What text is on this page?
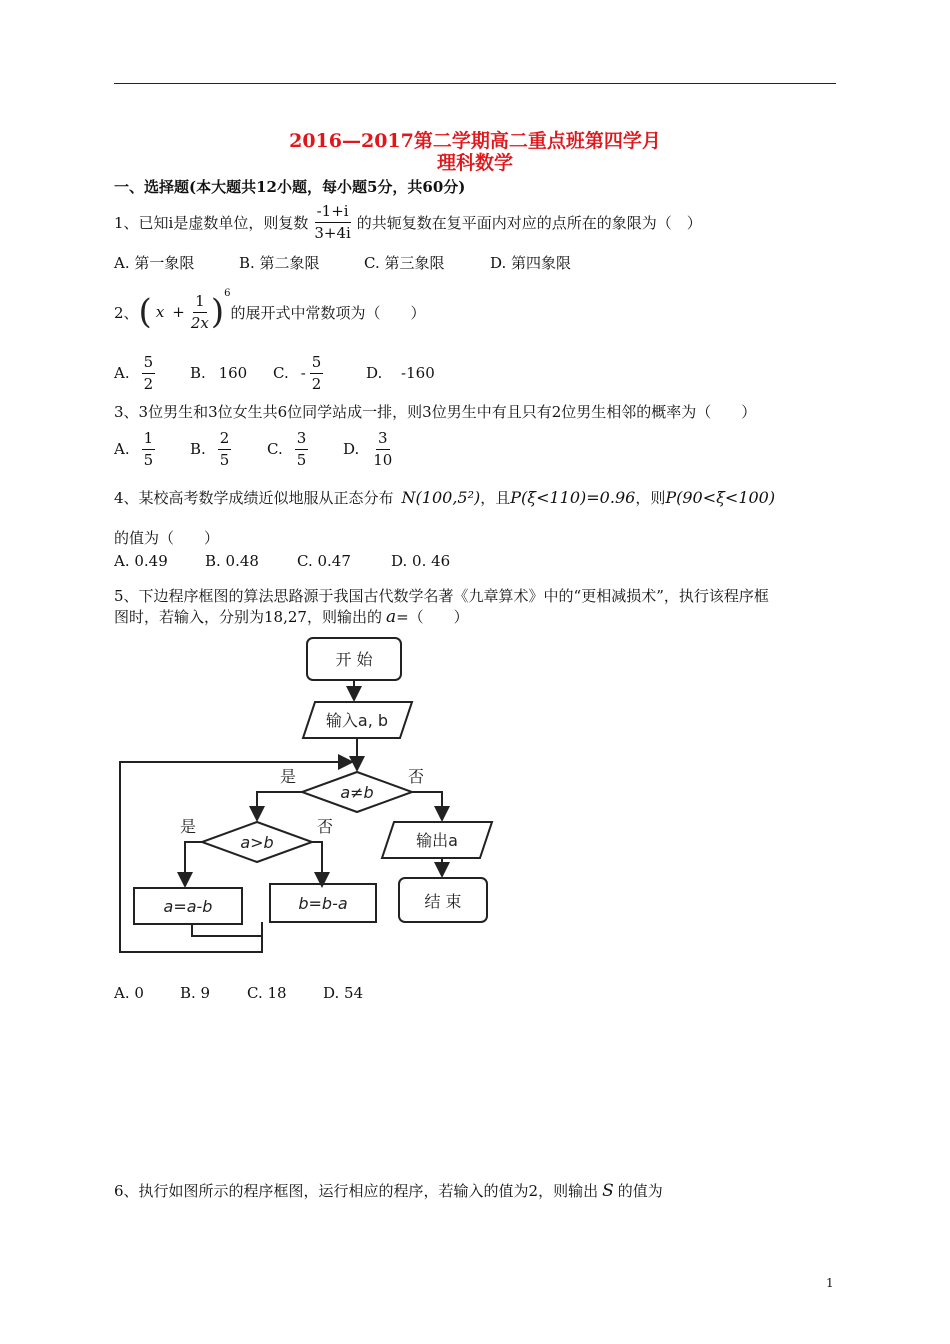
2016—2017第二学期高二重点班第四学月
理科数学
一、选择题(本大题共12小题，每小题5分，共60分)
1、已知i是虚数单位，则复数 $\frac{-1+i}{3+4i}$ 的共轭复数在复平面内对应的点所在的象限为（　）
A. 第一象限	B. 第二象限	C. 第三象限	D. 第四象限
2、 ( $x + \frac{1}{2x}$ ) 6
的展开式中常数项为（　　）
A. $\frac{5}{2} B$. 160 C. - $\frac{5}{2}$	D. -160
3、3位男生和3位女生共6位同学站成一排，则3位男生中有且只有2位男生相邻的概率为（　　）
A. $\frac{1}{5} B$. $\frac{2}{5} C$. $\frac{3}{5} D$. $\frac{3}{10}$
4、某校高考数学成绩近似地服从正态分布 N(100,5²) ，且 P(ξ<110)=0.96 ，则 P(90<ξ<100)
的值为（　　）
A. 0.49 B. 0.48	C. 0.47	D. 0. 46
5、下边程序框图的算法思路源于我国古代数学名著《九章算术》中的“更相减损术”，执行该程序框
图时，若输入，分别为18,27，则输出的 a =（　　）
开 始
输入a, b
a≠b
是	否
a>b
是	否
a=a-b	b=b-a
输出a
结 束
A. 0 B. 9 C. 18 D. 54
6、执行如图所示的程序框图，运行相应的程序，若输入的值为2，则输出 S 的值为
1
